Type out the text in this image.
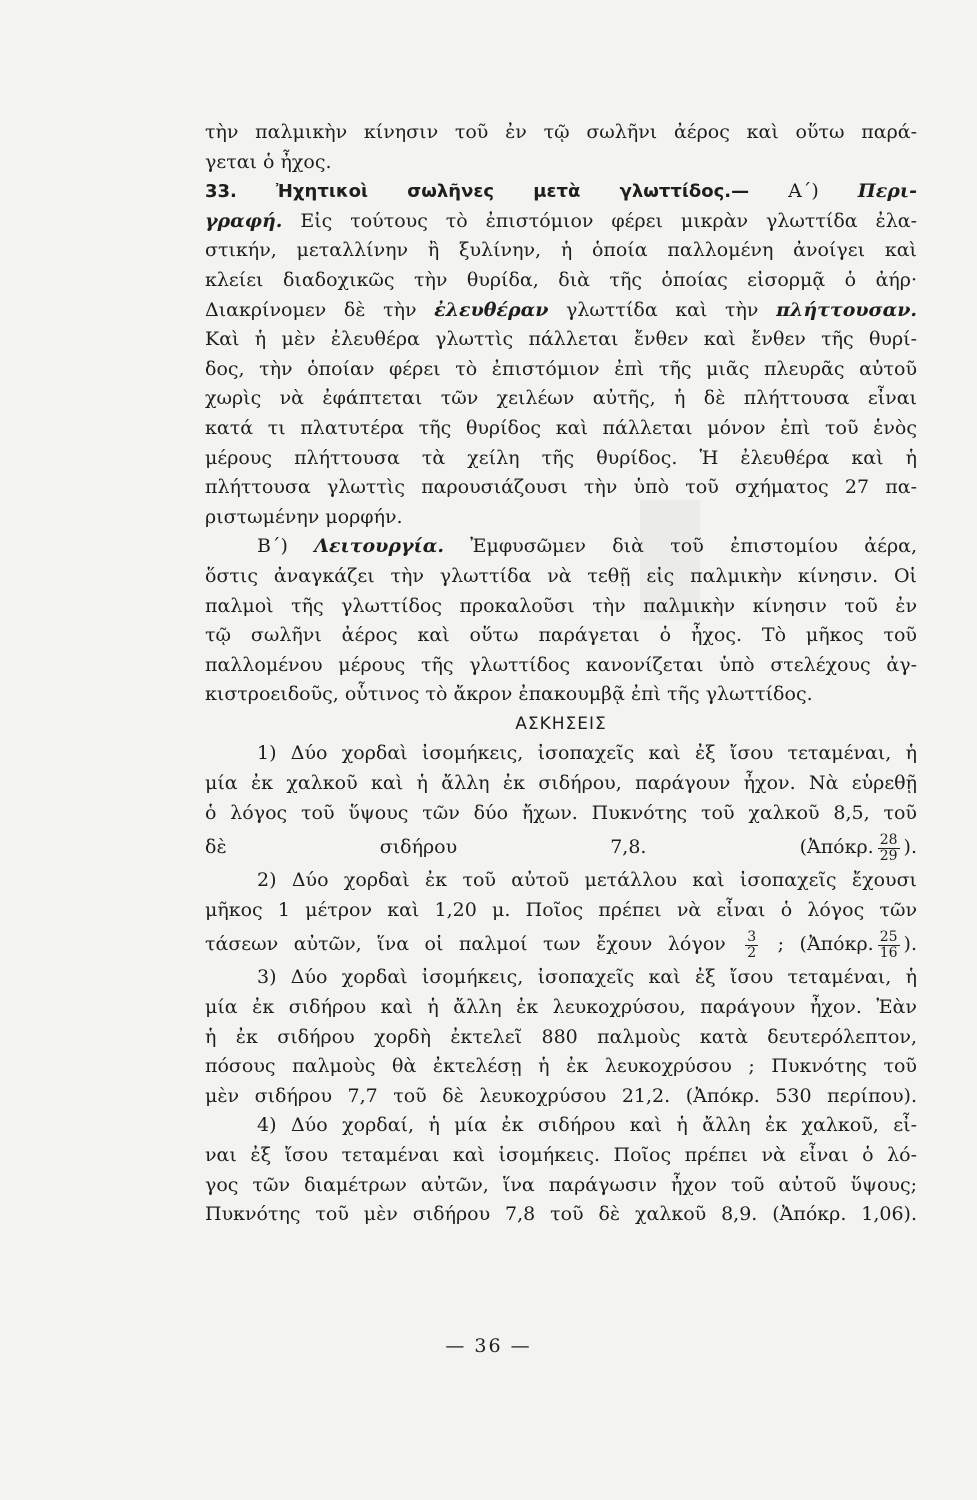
τὴν παλμικὴν κίνησιν τοῦ ἐν τῷ σωλῆνι ἀέρος καὶ οὕτω παρά-
γεται ὁ ἦχος.
33. Ἠχητικοὶ σωλῆνες μετὰ γλωττίδος.— Α΄) Περι-
γραφή. Εἰς τούτους τὸ ἐπιστόμιον φέρει μικρὰν γλωττίδα ἐλα-
στικήν, μεταλλίνην ἢ ξυλίνην, ἡ ὁποία παλλομένη ἀνοίγει καὶ
κλείει διαδοχικῶς τὴν θυρίδα, διὰ τῆς ὁποίας εἰσορμᾷ ὁ ἀήρ·
Διακρίνομεν δὲ τὴν ἐλευθέραν γλωττίδα καὶ τὴν πλήττουσαν.
Καὶ ἡ μὲν ἐλευθέρα γλωττὶς πάλλεται ἔνθεν καὶ ἔνθεν τῆς θυρί-
δος, τὴν ὁποίαν φέρει τὸ ἐπιστόμιον ἐπὶ τῆς μιᾶς πλευρᾶς αὐτοῦ
χωρὶς νὰ ἐφάπτεται τῶν χειλέων αὐτῆς, ἡ δὲ πλήττουσα εἶναι
κατά τι πλατυτέρα τῆς θυρίδος καὶ πάλλεται μόνον ἐπὶ τοῦ ἑνὸς
μέρους πλήττουσα τὰ χείλη τῆς θυρίδος. Ἡ ἐλευθέρα καὶ ἡ
πλήττουσα γλωττὶς παρουσιάζουσι τὴν ὑπὸ τοῦ σχήματος 27 πα-
ριστωμένην μορφήν.
Β΄) Λειτουργία. Ἐμφυσῶμεν διὰ τοῦ ἐπιστομίου ἀέρα,
ὅστις ἀναγκάζει τὴν γλωττίδα νὰ τεθῇ εἰς παλμικὴν κίνησιν. Οἱ
παλμοὶ τῆς γλωττίδος προκαλοῦσι τὴν παλμικὴν κίνησιν τοῦ ἐν
τῷ σωλῆνι ἀέρος καὶ οὕτω παράγεται ὁ ἦχος. Τὸ μῆκος τοῦ
παλλομένου μέρους τῆς γλωττίδος κανονίζεται ὑπὸ στελέχους ἀγ-
κιστροειδοῦς, οὗτινος τὸ ἄκρον ἐπακουμβᾷ ἐπὶ τῆς γλωττίδος.
ΑΣΚΗΣΕΙΣ
1) Δύο χορδαὶ ἰσομήκεις, ἰσοπαχεῖς καὶ ἐξ ἴσου τεταμέναι, ἡ
μία ἐκ χαλκοῦ καὶ ἡ ἄλλη ἐκ σιδήρου, παράγουν ἦχον. Νὰ εὑρεθῇ
ὁ λόγος τοῦ ὕψους τῶν δύο ἤχων. Πυκνότης τοῦ χαλκοῦ 8,5, τοῦ
δὲ σιδήρου 7,8.	(Ἀπόκρ. $\frac{28}{29}$ ).
2) Δύο χορδαὶ ἐκ τοῦ αὐτοῦ μετάλλου καὶ ἰσοπαχεῖς ἔχουσι
μῆκος 1 μέτρον καὶ 1,20 μ. Ποῖος πρέπει νὰ εἶναι ὁ λόγος τῶν
τάσεων αὐτῶν, ἵνα οἱ παλμοί των ἔχουν λόγον $\frac{3}{2}$ ; (Ἀπόκρ. $\frac{25}{16}$ ).
3) Δύο χορδαὶ ἰσομήκεις, ἰσοπαχεῖς καὶ ἐξ ἴσου τεταμέναι, ἡ
μία ἐκ σιδήρου καὶ ἡ ἄλλη ἐκ λευκοχρύσου, παράγουν ἦχον. Ἐὰν
ἡ ἐκ σιδήρου χορδὴ ἐκτελεῖ 880 παλμοὺς κατὰ δευτερόλεπτον,
πόσους παλμοὺς θὰ ἐκτελέσῃ ἡ ἐκ λευκοχρύσου ; Πυκνότης τοῦ
μὲν σιδήρου 7,7 τοῦ δὲ λευκοχρύσου 21,2. (Ἀπόκρ. 530 περίπου).
4) Δύο χορδαί, ἡ μία ἐκ σιδήρου καὶ ἡ ἄλλη ἐκ χαλκοῦ, εἶ-
ναι ἐξ ἴσου τεταμέναι καὶ ἰσομήκεις. Ποῖος πρέπει νὰ εἶναι ὁ λό-
γος τῶν διαμέτρων αὐτῶν, ἵνα παράγωσιν ἦχον τοῦ αὐτοῦ ὕψους;
Πυκνότης τοῦ μὲν σιδήρου 7,8 τοῦ δὲ χαλκοῦ 8,9. (Ἀπόκρ. 1,06).
— 36 —
